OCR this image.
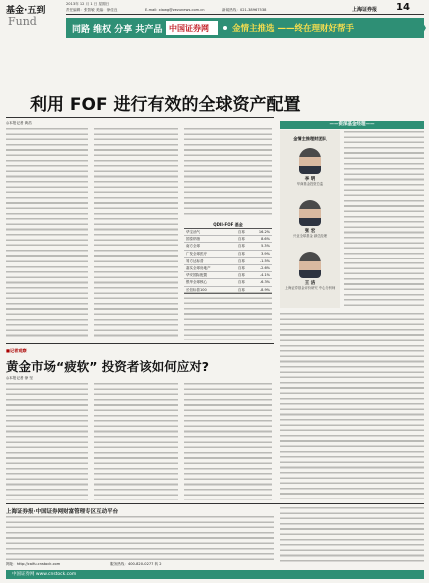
基金·五到
Fund
2013年 12 月 1 日 星期日
责任编辑：张智敏 美编：徐佳良	E-mail: xiawg@zezunews.com.cn	新闻热线：021-38967538	上海证券报 14
同路 维权 分享 共产品 中国证券网	金情主推选 ——终在理财好帮手
利用 FOF 进行有效的全球资产配置
◎本报记者 黄浩
QDII-FOF 基金
华宝油气	自募	16.2%
国泰纳指	自募	8.6%
南方全球	自募	5.3%
广发全球医疗	自募	3.9%
易方达标普	自募	-1.5%
嘉实全球房地产	自募	-2.6%
华安国际配置	自募	-4.1%
银华全球核心	自募	-6.3%
长信标普100	自募	-8.9%
■记者观察
黄金市场“疲软” 投资者该如何应对?
◎本报记者 徐 坚
——资深基金经理——
金情主推理财团队
李 明
华商基金投资总监
张 宏
兴业全球基金 副总经理
王 洁
上海证券基金评价研究 中心分析师
上海证券报·中国证券网财富管理专区互动平台
网址：http://caifu.cnstock.com	服务热线：400-820-0277 转 2
中国证券网 www.cnstock.com
